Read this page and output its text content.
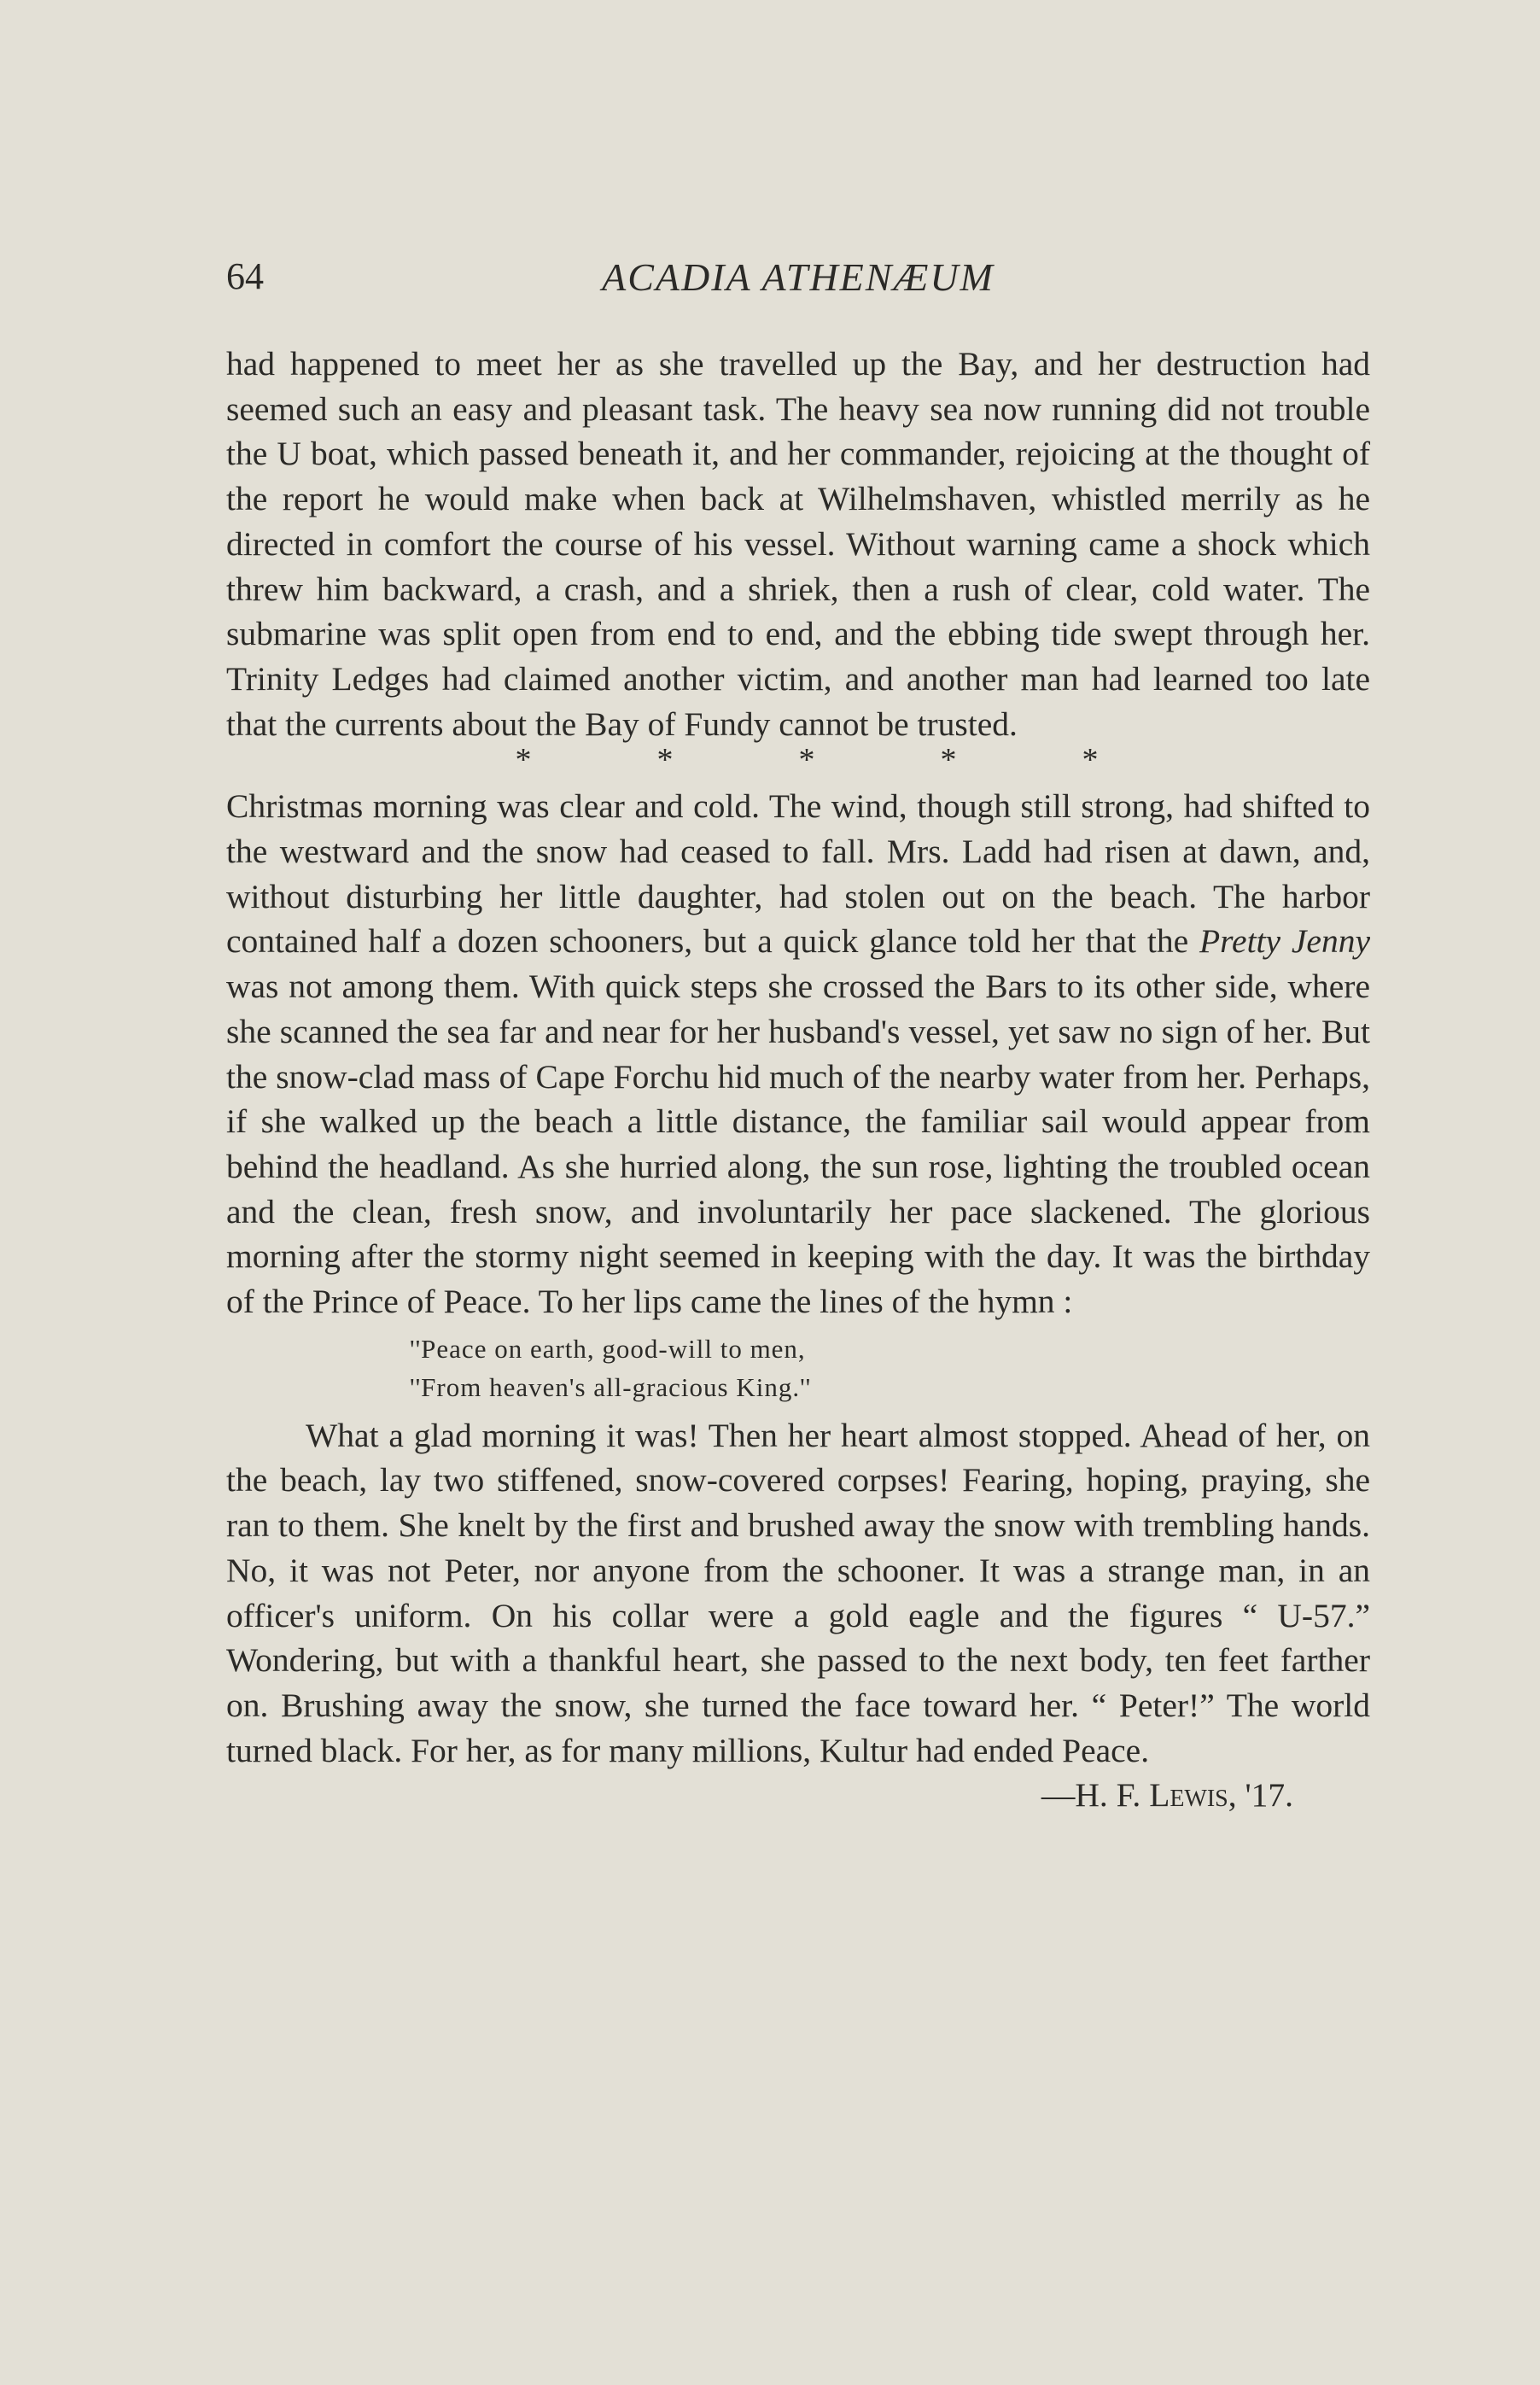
64	ACADIA ATHENÆUM

had happened to meet her as she travelled up the Bay, and her destruction had seemed such an easy and pleasant task. The heavy sea now running did not trouble the U boat, which passed beneath it, and her commander, rejoicing at the thought of the report he would make when back at Wilhelmshaven, whistled merrily as he directed in comfort the course of his vessel. Without warning came a shock which threw him backward, a crash, and a shriek, then a rush of clear, cold water. The submarine was split open from end to end, and the ebbing tide swept through her. Trinity Ledges had claimed another victim, and another man had learned too late that the currents about the Bay of Fundy cannot be trusted.

*	*	*	*	*

Christmas morning was clear and cold. The wind, though still strong, had shifted to the westward and the snow had ceased to fall. Mrs. Ladd had risen at dawn, and, without disturbing her little daughter, had stolen out on the beach. The harbor contained half a dozen schooners, but a quick glance told her that the Pretty Jenny was not among them. With quick steps she crossed the Bars to its other side, where she scanned the sea far and near for her husband's vessel, yet saw no sign of her. But the snow-clad mass of Cape Forchu hid much of the nearby water from her. Perhaps, if she walked up the beach a little distance, the familiar sail would appear from behind the headland. As she hurried along, the sun rose, lighting the troubled ocean and the clean, fresh snow, and involuntarily her pace slackened. The glorious morning after the stormy night seemed in keeping with the day. It was the birthday of the Prince of Peace. To her lips came the lines of the hymn :

''Peace on earth, good-will to men,
''From heaven's all-gracious King.''

What a glad morning it was! Then her heart almost stopped. Ahead of her, on the beach, lay two stiffened, snow-covered corpses! Fearing, hoping, praying, she ran to them. She knelt by the first and brushed away the snow with trembling hands. No, it was not Peter, nor anyone from the schooner. It was a strange man, in an officer's uniform. On his collar were a gold eagle and the figures “ U-57.” Wondering, but with a thankful heart, she passed to the next body, ten feet farther on. Brushing away the snow, she turned the face toward her. “ Peter!” The world turned black. For her, as for many millions, Kultur had ended Peace.

—H. F. Lewis, '17.
